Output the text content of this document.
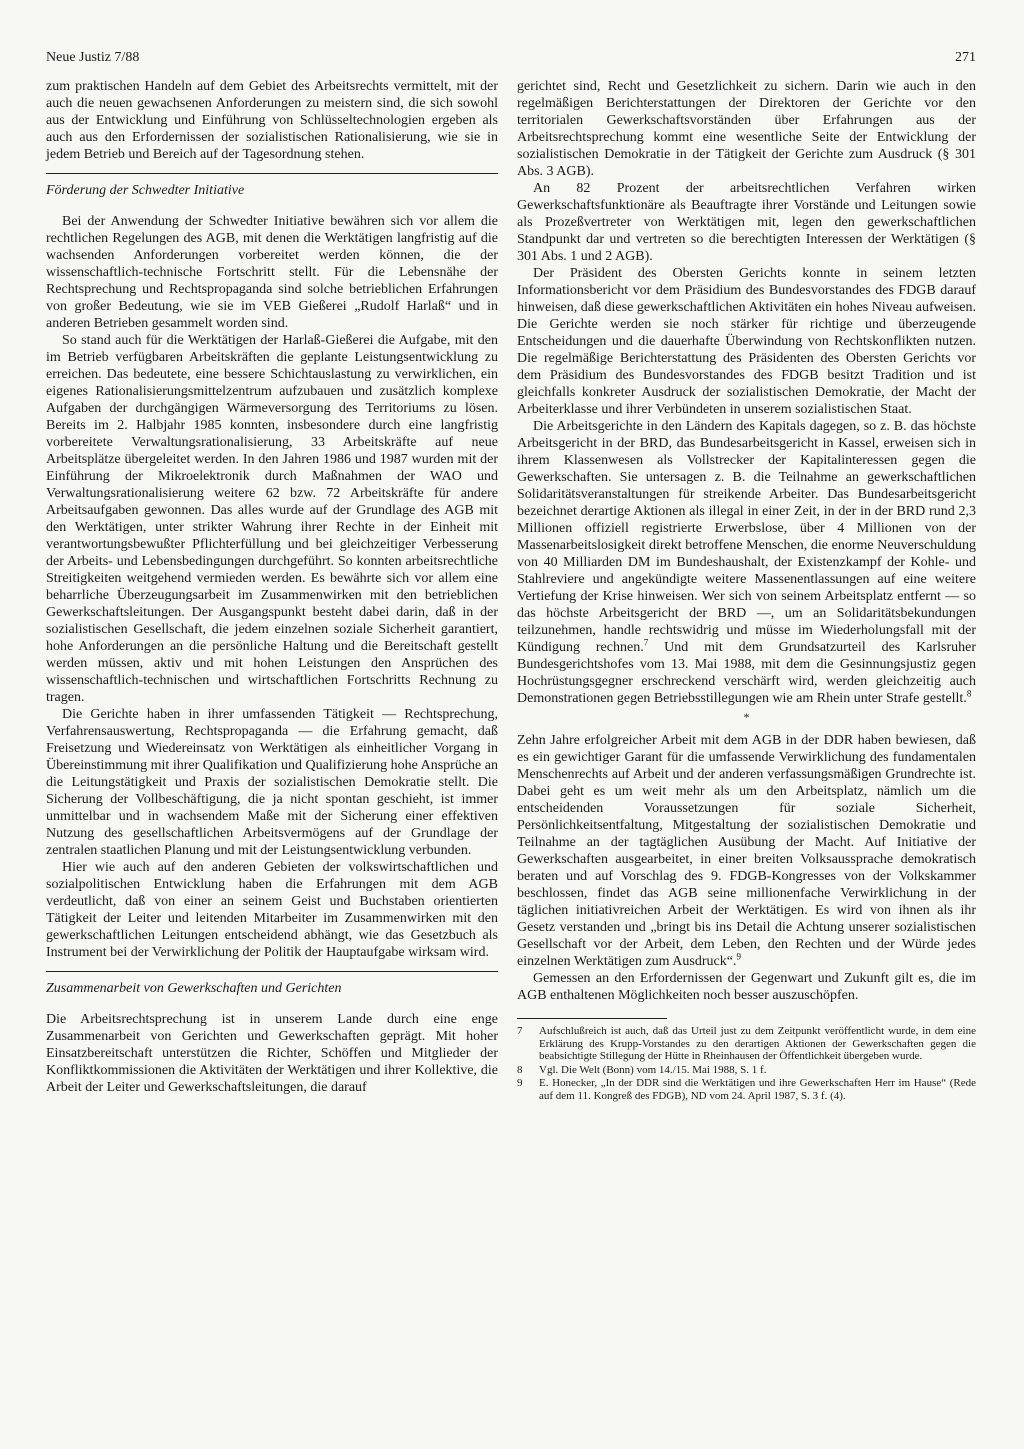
Neue Justiz 7/88	271

zum praktischen Handeln auf dem Gebiet des Arbeitsrechts vermittelt, mit der auch die neuen gewachsenen Anforderungen zu meistern sind, die sich sowohl aus der Entwicklung und Einführung von Schlüsseltechnologien ergeben als auch aus den Erfordernissen der sozialistischen Rationalisierung, wie sie in jedem Betrieb und Bereich auf der Tagesordnung stehen.

Förderung der Schwedter Initiative

Bei der Anwendung der Schwedter Initiative bewähren sich vor allem die rechtlichen Regelungen des AGB, mit denen die Werktätigen langfristig auf die wachsenden Anforderungen vorbereitet werden können, die der wissenschaftlich-technische Fortschritt stellt. Für die Lebensnähe der Rechtsprechung und Rechtspropaganda sind solche betrieblichen Erfahrungen von großer Bedeutung, wie sie im VEB Gießerei „Rudolf Harlaß“ und in anderen Betrieben gesammelt worden sind.

So stand auch für die Werktätigen der Harlaß-Gießerei die Aufgabe, mit den im Betrieb verfügbaren Arbeitskräften die geplante Leistungsentwicklung zu erreichen. Das bedeutete, eine bessere Schichtauslastung zu verwirklichen, ein eigenes Rationalisierungsmittelzentrum aufzubauen und zusätzlich komplexe Aufgaben der durchgängigen Wärmeversorgung des Territoriums zu lösen. Bereits im 2. Halbjahr 1985 konnten, insbesondere durch eine langfristig vorbereitete Verwaltungsrationalisierung, 33 Arbeitskräfte auf neue Arbeitsplätze übergeleitet werden. In den Jahren 1986 und 1987 wurden mit der Einführung der Mikroelektronik durch Maßnahmen der WAO und Verwaltungsrationalisierung weitere 62 bzw. 72 Arbeitskräfte für andere Arbeitsaufgaben gewonnen. Das alles wurde auf der Grundlage des AGB mit den Werktätigen, unter strikter Wahrung ihrer Rechte in der Einheit mit verantwortungsbewußter Pflichterfüllung und bei gleichzeitiger Verbesserung der Arbeits- und Lebensbedingungen durchgeführt. So konnten arbeitsrechtliche Streitigkeiten weitgehend vermieden werden. Es bewährte sich vor allem eine beharrliche Überzeugungsarbeit im Zusammenwirken mit den betrieblichen Gewerkschaftsleitungen. Der Ausgangspunkt besteht dabei darin, daß in der sozialistischen Gesellschaft, die jedem einzelnen soziale Sicherheit garantiert, hohe Anforderungen an die persönliche Haltung und die Bereitschaft gestellt werden müssen, aktiv und mit hohen Leistungen den Ansprüchen des wissenschaftlich-technischen und wirtschaftlichen Fortschritts Rechnung zu tragen.

Die Gerichte haben in ihrer umfassenden Tätigkeit — Rechtsprechung, Verfahrensauswertung, Rechtspropaganda — die Erfahrung gemacht, daß Freisetzung und Wiedereinsatz von Werktätigen als einheitlicher Vorgang in Übereinstimmung mit ihrer Qualifikation und Qualifizierung hohe Ansprüche an die Leitungstätigkeit und Praxis der sozialistischen Demokratie stellt. Die Sicherung der Vollbeschäftigung, die ja nicht spontan geschieht, ist immer unmittelbar und in wachsendem Maße mit der Sicherung einer effektiven Nutzung des gesellschaftlichen Arbeitsvermögens auf der Grundlage der zentralen staatlichen Planung und mit der Leistungsentwicklung verbunden.

Hier wie auch auf den anderen Gebieten der volkswirtschaftlichen und sozialpolitischen Entwicklung haben die Erfahrungen mit dem AGB verdeutlicht, daß von einer an seinem Geist und Buchstaben orientierten Tätigkeit der Leiter und leitenden Mitarbeiter im Zusammenwirken mit den gewerkschaftlichen Leitungen entscheidend abhängt, wie das Gesetzbuch als Instrument bei der Verwirklichung der Politik der Hauptaufgabe wirksam wird.

Zusammenarbeit von Gewerkschaften und Gerichten

Die Arbeitsrechtsprechung ist in unserem Lande durch eine enge Zusammenarbeit von Gerichten und Gewerkschaften geprägt. Mit hoher Einsatzbereitschaft unterstützen die Richter, Schöffen und Mitglieder der Konfliktkommissionen die Aktivitäten der Werktätigen und ihrer Kollektive, die Arbeit der Leiter und Gewerkschaftsleitungen, die darauf

gerichtet sind, Recht und Gesetzlichkeit zu sichern. Darin wie auch in den regelmäßigen Berichterstattungen der Direktoren der Gerichte vor den territorialen Gewerkschaftsvorständen über Erfahrungen aus der Arbeitsrechtsprechung kommt eine wesentliche Seite der Entwicklung der sozialistischen Demokratie in der Tätigkeit der Gerichte zum Ausdruck (§ 301 Abs. 3 AGB).

An 82 Prozent der arbeitsrechtlichen Verfahren wirken Gewerkschaftsfunktionäre als Beauftragte ihrer Vorstände und Leitungen sowie als Prozeßvertreter von Werktätigen mit, legen den gewerkschaftlichen Standpunkt dar und vertreten so die berechtigten Interessen der Werktätigen (§ 301 Abs. 1 und 2 AGB).

Der Präsident des Obersten Gerichts konnte in seinem letzten Informationsbericht vor dem Präsidium des Bundesvorstandes des FDGB darauf hinweisen, daß diese gewerkschaftlichen Aktivitäten ein hohes Niveau aufweisen. Die Gerichte werden sie noch stärker für richtige und überzeugende Entscheidungen und die dauerhafte Überwindung von Rechtskonflikten nutzen. Die regelmäßige Berichterstattung des Präsidenten des Obersten Gerichts vor dem Präsidium des Bundesvorstandes des FDGB besitzt Tradition und ist gleichfalls konkreter Ausdruck der sozialistischen Demokratie, der Macht der Arbeiterklasse und ihrer Verbündeten in unserem sozialistischen Staat.

Die Arbeitsgerichte in den Ländern des Kapitals dagegen, so z. B. das höchste Arbeitsgericht in der BRD, das Bundesarbeitsgericht in Kassel, erweisen sich in ihrem Klassenwesen als Vollstrecker der Kapitalinteressen gegen die Gewerkschaften. Sie untersagen z. B. die Teilnahme an gewerkschaftlichen Solidaritätsveranstaltungen für streikende Arbeiter. Das Bundesarbeitsgericht bezeichnet derartige Aktionen als illegal in einer Zeit, in der in der BRD rund 2,3 Millionen offiziell registrierte Erwerbslose, über 4 Millionen von der Massenarbeitslosigkeit direkt betroffene Menschen, die enorme Neuverschuldung von 40 Milliarden DM im Bundeshaushalt, der Existenzkampf der Kohle- und Stahlreviere und angekündigte weitere Massenentlassungen auf eine weitere Vertiefung der Krise hinweisen. Wer sich von seinem Arbeitsplatz entfernt — so das höchste Arbeitsgericht der BRD —, um an Solidaritätsbekundungen teilzunehmen, handle rechtswidrig und müsse im Wiederholungsfall mit der Kündigung rechnen.$^7$ Und mit dem Grundsatzurteil des Karlsruher Bundesgerichtshofes vom 13. Mai 1988, mit dem die Gesinnungsjustiz gegen Hochrüstungsgegner erschreckend verschärft wird, werden gleichzeitig auch Demonstrationen gegen Betriebsstillegungen wie am Rhein unter Strafe gestellt.$^8$

*

Zehn Jahre erfolgreicher Arbeit mit dem AGB in der DDR haben bewiesen, daß es ein gewichtiger Garant für die umfassende Verwirklichung des fundamentalen Menschenrechts auf Arbeit und der anderen verfassungsmäßigen Grundrechte ist. Dabei geht es um weit mehr als um den Arbeitsplatz, nämlich um die entscheidenden Voraussetzungen für soziale Sicherheit, Persönlichkeitsentfaltung, Mitgestaltung der sozialistischen Demokratie und Teilnahme an der tagtäglichen Ausübung der Macht. Auf Initiative der Gewerkschaften ausgearbeitet, in einer breiten Volksaussprache demokratisch beraten und auf Vorschlag des 9. FDGB-Kongresses von der Volkskammer beschlossen, findet das AGB seine millionenfache Verwirklichung in der täglichen initiativreichen Arbeit der Werktätigen. Es wird von ihnen als ihr Gesetz verstanden und „bringt bis ins Detail die Achtung unserer sozialistischen Gesellschaft vor der Arbeit, dem Leben, den Rechten und der Würde jedes einzelnen Werktätigen zum Ausdruck“.$^9$

Gemessen an den Erfordernissen der Gegenwart und Zukunft gilt es, die im AGB enthaltenen Möglichkeiten noch besser auszuschöpfen.

7	Aufschlußreich ist auch, daß das Urteil just zu dem Zeitpunkt veröffentlicht wurde, in dem eine Erklärung des Krupp-Vorstandes zu den derartigen Aktionen der Gewerkschaften gegen die beabsichtigte Stillegung der Hütte in Rheinhausen der Öffentlichkeit übergeben wurde.
8	Vgl. Die Welt (Bonn) vom 14./15. Mai 1988, S. 1 f.
9	E. Honecker, „In der DDR sind die Werktätigen und ihre Gewerkschaften Herr im Hause“ (Rede auf dem 11. Kongreß des FDGB), ND vom 24. April 1987, S. 3 f. (4).
